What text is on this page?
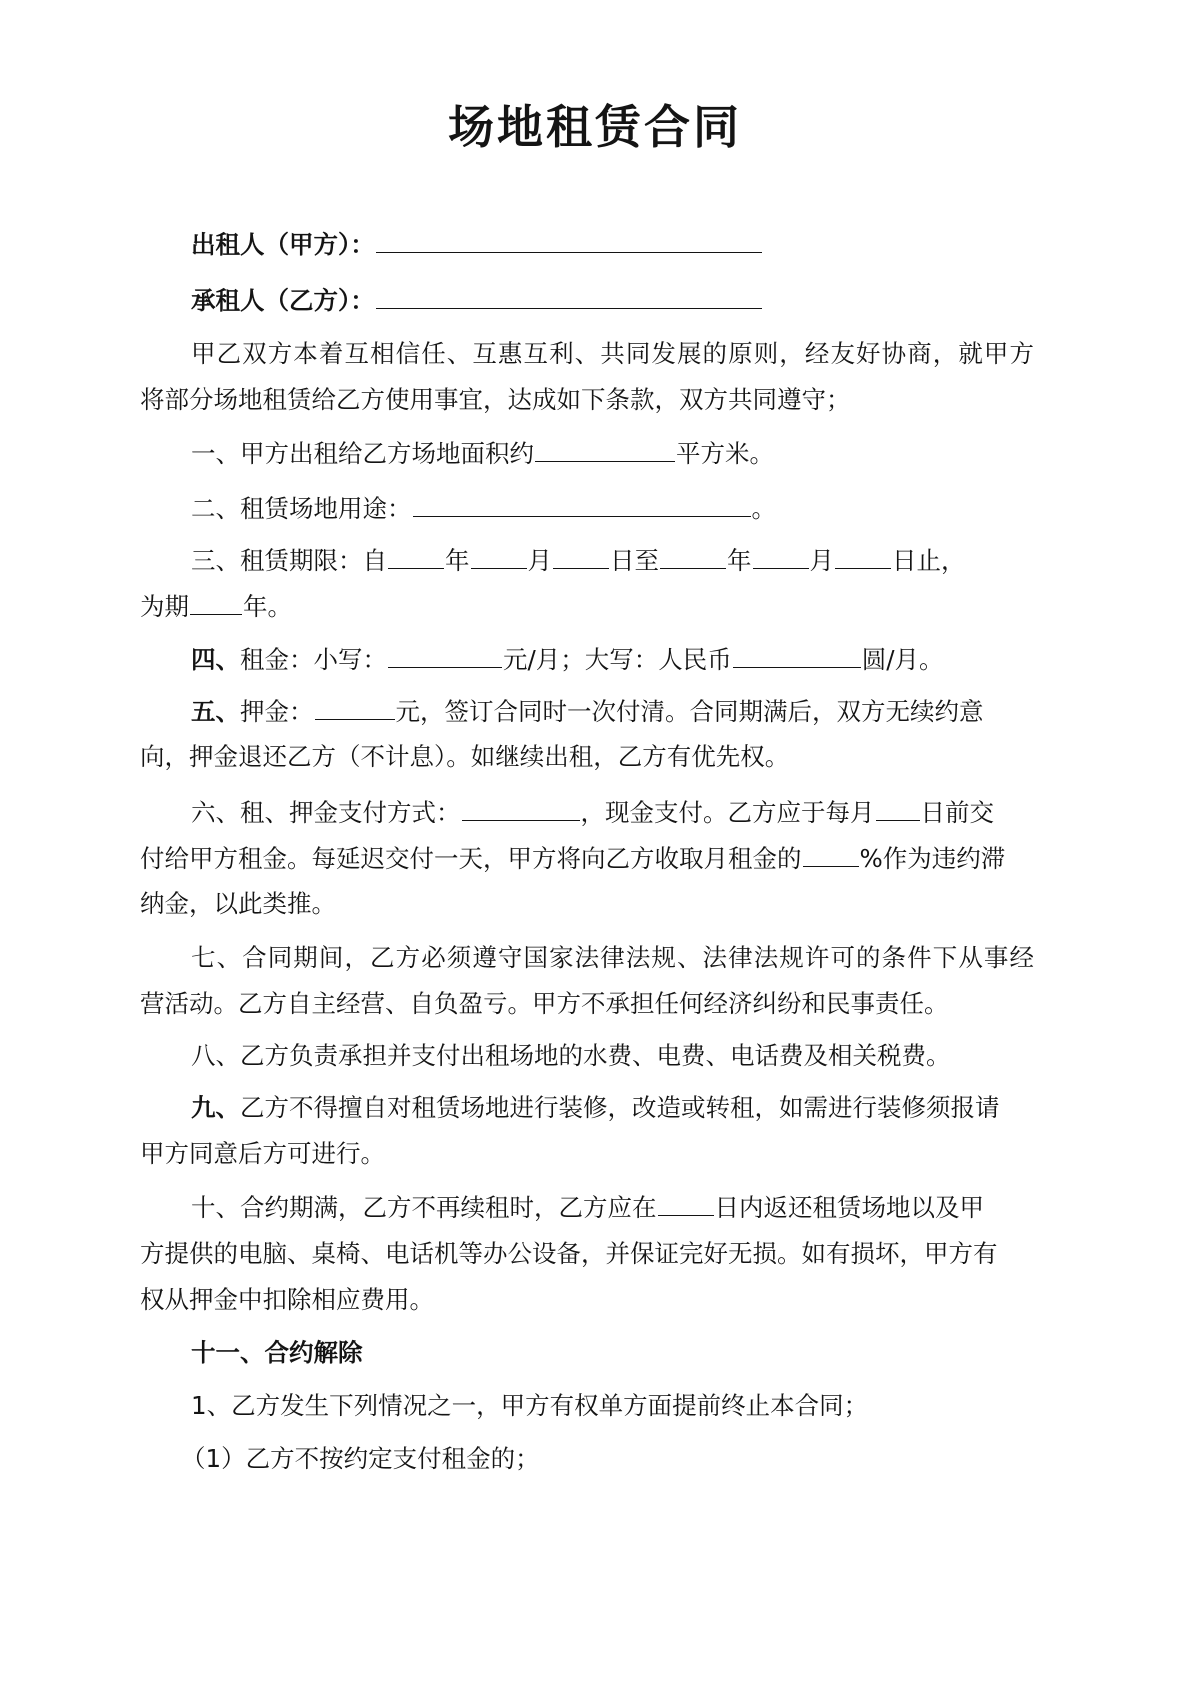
场地租赁合同
出租人（甲方）：
承租人（乙方）：
甲乙双方本着互相信任、互惠互利、共同发展的原则，经友好协商，就甲方
将部分场地租赁给乙方使用事宜，达成如下条款，双方共同遵守；
一、甲方出租给乙方场地面积约	平方米。
二、租赁场地用途：	。
三、租赁期限：自 年 月 日至	年 月 日止，
为期 年。
四、租金：小写：	元/月；大写：人民币	圆/月。
五、押金：	元，签订合同时一次付清。合同期满后，双方无续约意
向，押金退还乙方（不计息）。如继续出租，乙方有优先权。
六、租、押金支付方式：	，现金支付。乙方应于每月 日前交
付给甲方租金。每延迟交付一天，甲方将向乙方收取月租金的 %作为违约滞
纳金，以此类推。
七、合同期间，乙方必须遵守国家法律法规、法律法规许可的条件下从事经
营活动。乙方自主经营、自负盈亏。甲方不承担任何经济纠纷和民事责任。
八、乙方负责承担并支付出租场地的水费、电费、电话费及相关税费。
九、乙方不得擅自对租赁场地进行装修，改造或转租，如需进行装修须报请
甲方同意后方可进行。
十、合约期满，乙方不再续租时，乙方应在 日内返还租赁场地以及甲
方提供的电脑、桌椅、电话机等办公设备，并保证完好无损。如有损坏，甲方有
权从押金中扣除相应费用。
十一、合约解除
1、乙方发生下列情况之一，甲方有权单方面提前终止本合同；
（1）乙方不按约定支付租金的；
